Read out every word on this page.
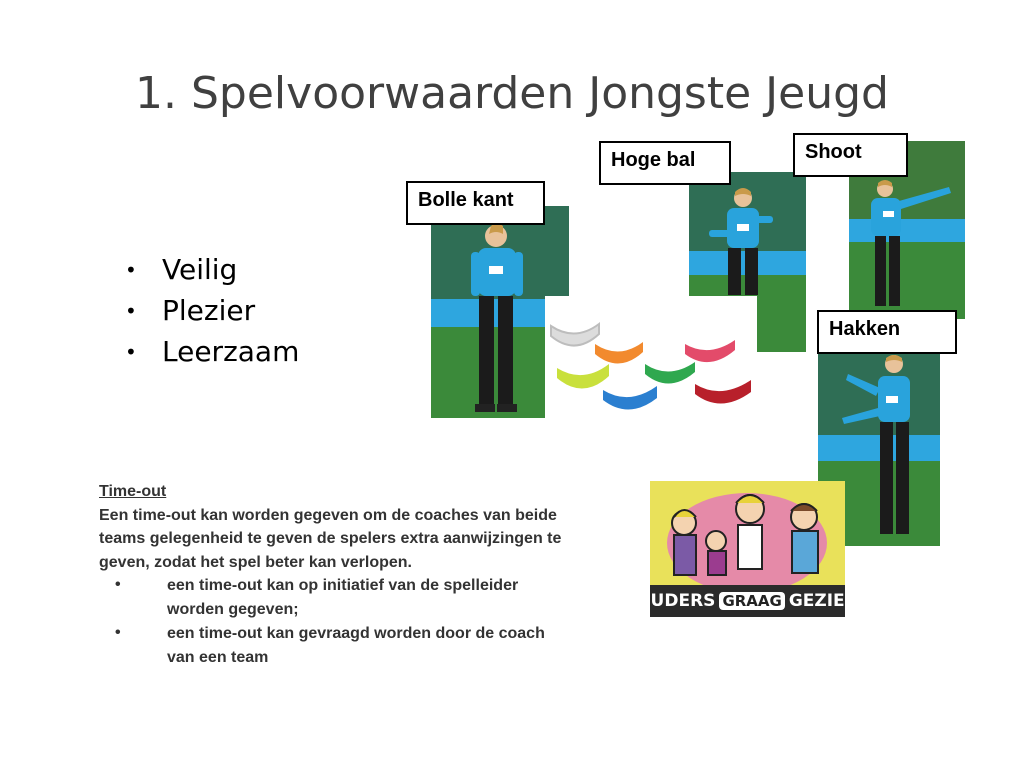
1. Spelvoorwaarden Jongste Jeugd
• Veilig
• Plezier
• Leerzaam
OUDERS GRAAG GEZIEN
Bolle kant
Hoge bal	Shoot
Hakken
Time-out
Een time-out kan worden gegeven om de coaches van beide teams gelegenheid te geven de spelers extra aanwijzingen te geven, zodat het spel beter kan verlopen.
•	een time-out kan op initiatief van de spelleider worden gegeven;
•	een time-out kan gevraagd worden door de coach van een team
